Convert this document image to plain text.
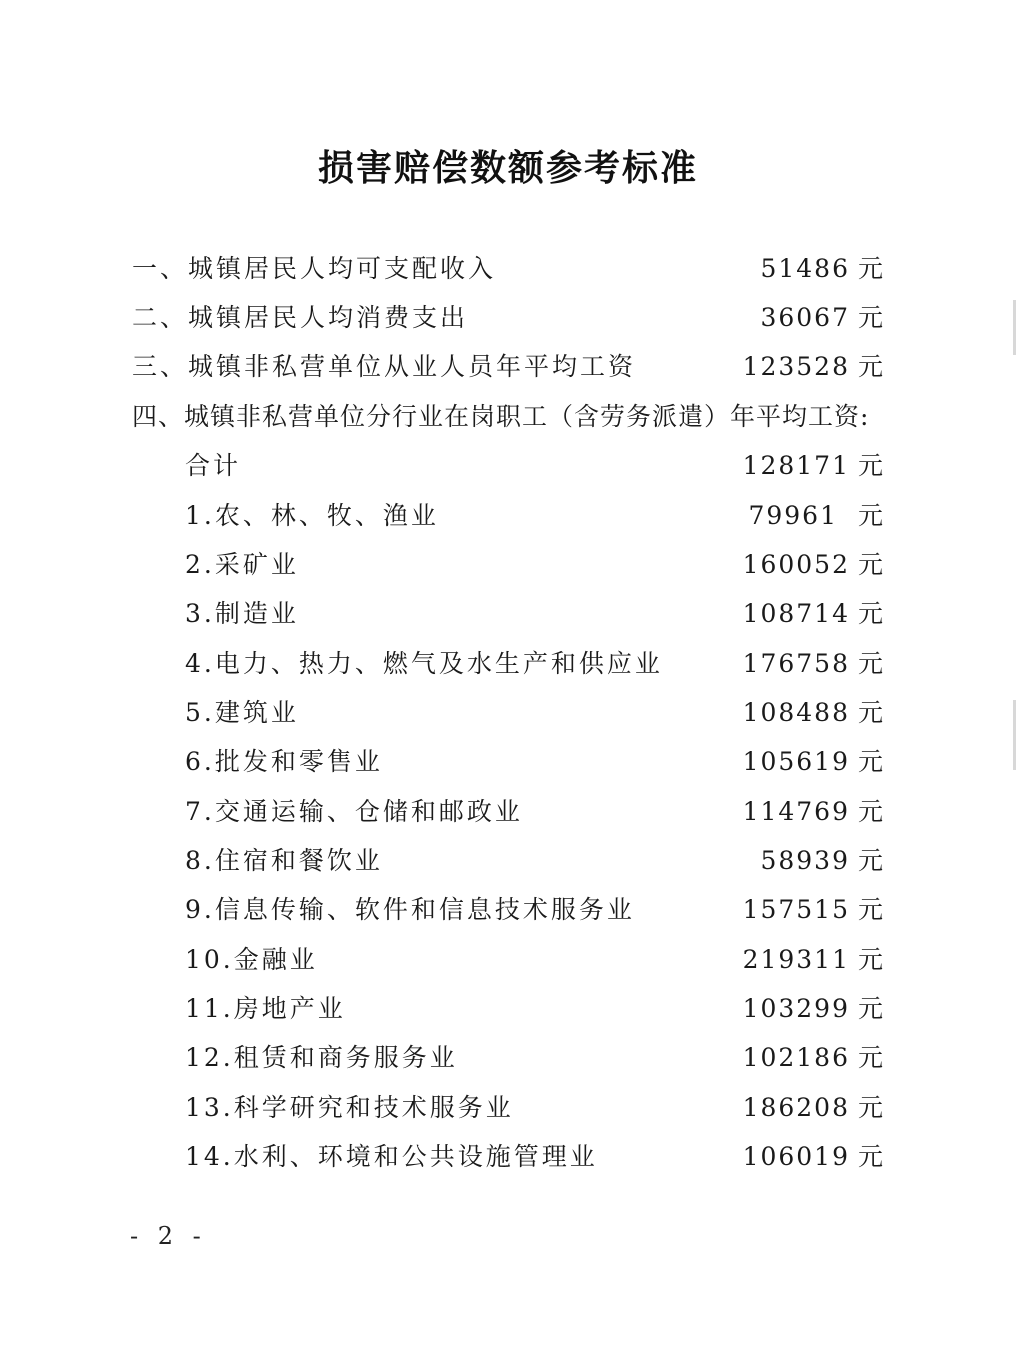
损害赔偿数额参考标准
一、城镇居民人均可支配收入	51486 元
二、城镇居民人均消费支出	36067 元
三、城镇非私营单位从业人员年平均工资	123528 元
四、城镇非私营单位分行业在岗职工（含劳务派遣）年平均工资:
合计	128171 元
1.农、林、牧、渔业	79961 元
2.采矿业	160052 元
3.制造业	108714 元
4.电力、热力、燃气及水生产和供应业	176758 元
5.建筑业	108488 元
6.批发和零售业	105619 元
7.交通运输、仓储和邮政业	114769 元
8.住宿和餐饮业	58939 元
9.信息传输、软件和信息技术服务业	157515 元
10.金融业	219311 元
11.房地产业	103299 元
12.租赁和商务服务业	102186 元
13.科学研究和技术服务业	186208 元
14.水利、环境和公共设施管理业	106019 元
- 2 -
